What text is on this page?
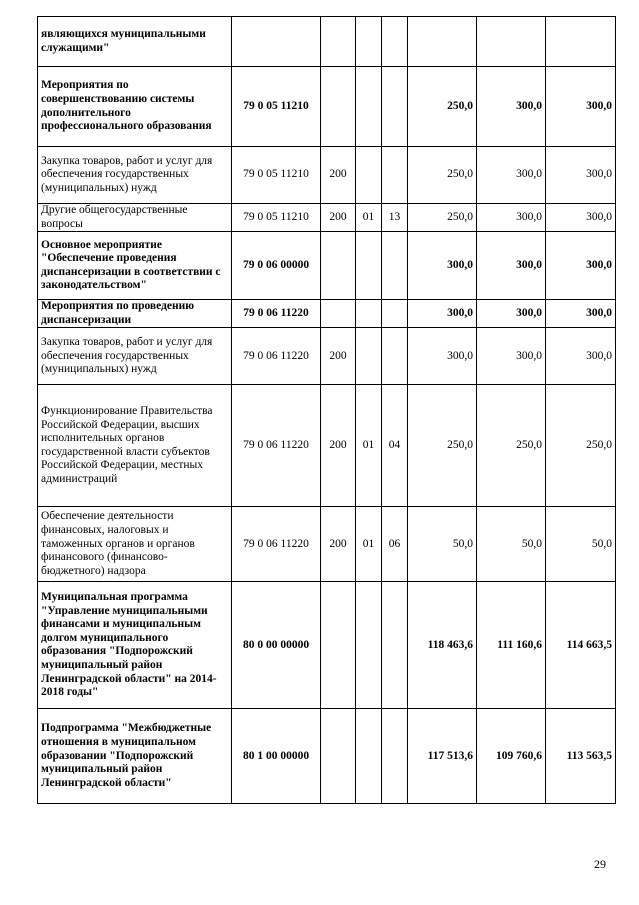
являющихся муниципальными служащими"							
Мероприятия по совершенствованию системы дополнительного профессионального образования	79 0 05 11210				250,0	300,0	300,0
Закупка товаров, работ и услуг для обеспечения государственных (муниципальных) нужд	79 0 05 11210	200			250,0	300,0	300,0
Другие общегосударственные вопросы	79 0 05 11210	200	01	13	250,0	300,0	300,0
Основное мероприятие "Обеспечение проведения диспансеризации в соответствии с законодательством"	79 0 06 00000				300,0	300,0	300,0
Мероприятия по проведению диспансеризации	79 0 06 11220				300,0	300,0	300,0
Закупка товаров, работ и услуг для обеспечения государственных (муниципальных) нужд	79 0 06 11220	200			300,0	300,0	300,0
Функционирование Правительства Российской Федерации, высших исполнительных органов государственной власти субъектов Российской Федерации, местных администраций	79 0 06 11220	200	01	04	250,0	250,0	250,0
Обеспечение деятельности финансовых, налоговых и таможенных органов и органов финансового (финансово-бюджетного) надзора	79 0 06 11220	200	01	06	50,0	50,0	50,0
Муниципальная программа "Управление муниципальными финансами и муниципальным долгом муниципального образования "Подпорожский муниципальный район Ленинградской области" на 2014-2018 годы"	80 0 00 00000				118 463,6	111 160,6	114 663,5
Подпрограмма "Межбюджетные отношения в муниципальном образовании "Подпорожский муниципальный район Ленинградской области"	80 1 00 00000				117 513,6	109 760,6	113 563,5
29
